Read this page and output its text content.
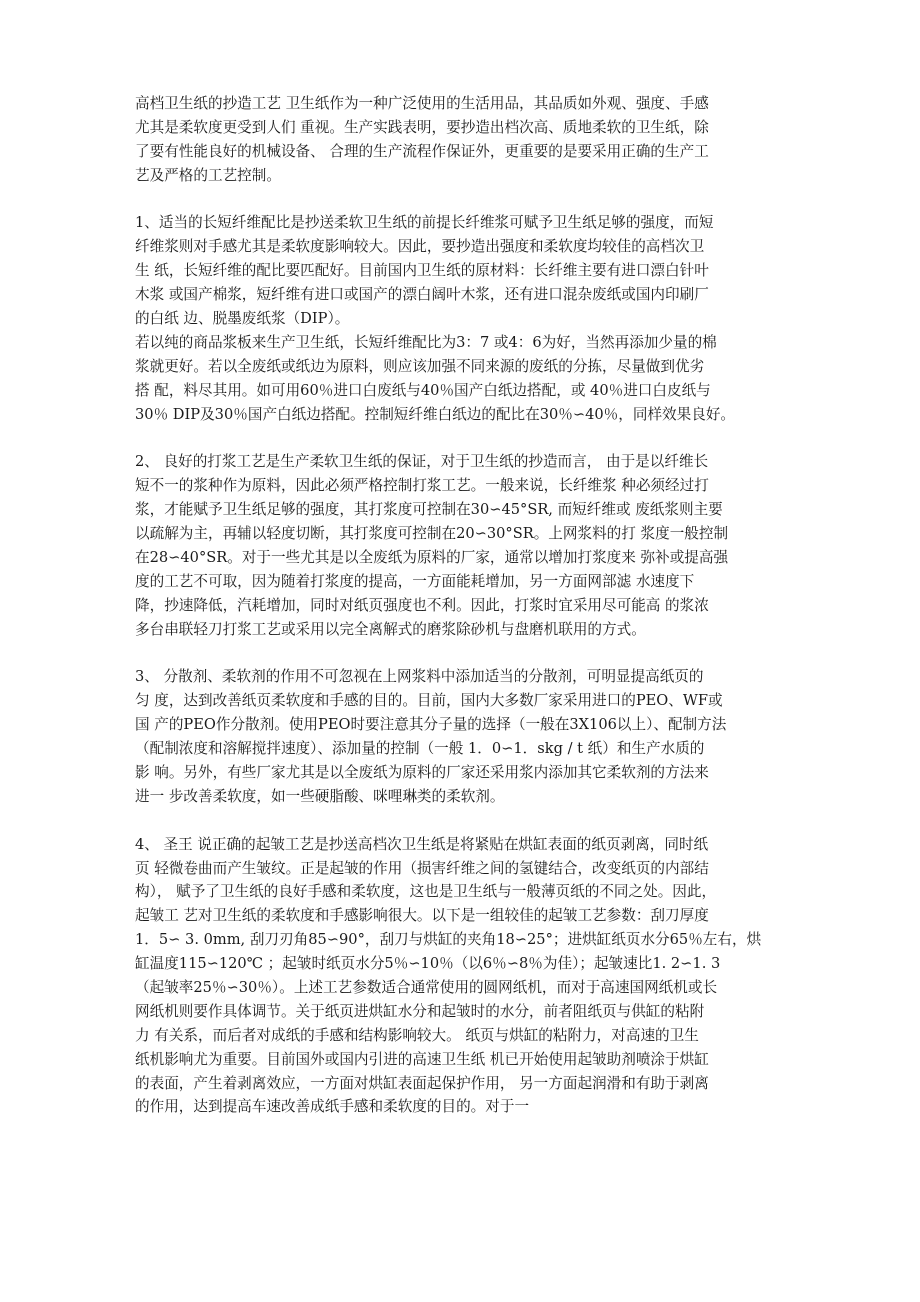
高档卫生纸的抄造工艺 卫生纸作为一种广泛使用的生活用品，其品质如外观、强度、手感
尤其是柔软度更受到人们 重视。生产实践表明，要抄造出档次高、质地柔软的卫生纸，除
了要有性能良好的机械设备、 合理的生产流程作保证外，更重要的是要采用正确的生产工
艺及严格的工艺控制。
1、适当的长短纤维配比是抄送柔软卫生纸的前提长纤维浆可赋予卫生纸足够的强度，而短
纤维浆则对手感尤其是柔软度影响较大。因此，要抄造出强度和柔软度均较佳的高档次卫
生 纸，长短纤维的配比要匹配好。目前国内卫生纸的原材料：长纤维主要有进口漂白针叶
木浆 或国产棉浆，短纤维有进口或国产的漂白阔叶木浆，还有进口混杂废纸或国内印刷厂
的白纸 边、脱墨废纸浆（DIP）。
若以纯的商品浆板来生产卫生纸，长短纤维配比为3：7 或4：6为好，当然再添加少量的棉
浆就更好。若以全废纸或纸边为原料，则应该加强不同来源的废纸的分拣，尽量做到优劣
搭 配，料尽其用。如可用60％进口白废纸与40％国产白纸边搭配，或 40％进口白皮纸与
30％ DIP及30％国产白纸边搭配。控制短纤维白纸边的配比在30％∽40％，同样效果良好。
2、 良好的打浆工艺是生产柔软卫生纸的保证，对于卫生纸的抄造而言， 由于是以纤维长
短不一的浆种作为原料，因此必须严格控制打浆工艺。一般来说，长纤维浆 种必须经过打
浆，才能赋予卫生纸足够的强度，其打浆度可控制在30∽45°SR, 而短纤维或 废纸浆则主要
以疏解为主，再辅以轻度切断，其打浆度可控制在20∽30°SR。上网浆料的打 浆度一般控制
在28∽40°SR。对于一些尤其是以全废纸为原料的厂家，通常以增加打浆度来 弥补或提高强
度的工艺不可取，因为随着打浆度的提高，一方面能耗增加，另一方面网部滤 水速度下
降，抄速降低，汽耗增加，同时对纸页强度也不利。因此，打浆时宜采用尽可能高 的浆浓
多台串联轻刀打浆工艺或采用以完全离解式的磨浆除砂机与盘磨机联用的方式。
3、 分散剂、柔软剂的作用不可忽视在上网浆料中添加适当的分散剂，可明显提高纸页的
匀 度，达到改善纸页柔软度和手感的目的。目前，国内大多数厂家采用进口的PEO、WF或
国 产的PEO作分散剂。使用PEO时要注意其分子量的选择（一般在3X106以上）、配制方法
（配制浓度和溶解搅拌速度）、添加量的控制（一般 1．0∽1．skg / t 纸）和生产水质的
影 响。另外，有些厂家尤其是以全废纸为原料的厂家还采用浆内添加其它柔软剂的方法来
进一 步改善柔软度，如一些硬脂酸、咪哩琳类的柔软剂。
4、 圣王 说正确的起皱工艺是抄送高档次卫生纸是将紧贴在烘缸表面的纸页剥离，同时纸
页 轻微卷曲而产生皱纹。正是起皱的作用（损害纤维之间的氢键结合，改变纸页的内部结
构）， 赋予了卫生纸的良好手感和柔软度，这也是卫生纸与一般薄页纸的不同之处。因此，
起皱工 艺对卫生纸的柔软度和手感影响很大。以下是一组较佳的起皱工艺参数：刮刀厚度
1．5∽ 3. 0mm, 刮刀刃角85∽90°，刮刀与烘缸的夹角18∽25°；进烘缸纸页水分65％左右，烘
缸温度115∽120℃ ；起皱时纸页水分5％∽10％（以6％∽8％为佳）；起皱速比1. 2∽1. 3
（起皱率25％∽30％）。上述工艺参数适合通常使用的圆网纸机，而对于高速国网纸机或长
网纸机则要作具体调节。关于纸页进烘缸水分和起皱时的水分，前者阻纸页与供缸的粘附
力 有关系，而后者对成纸的手感和结构影响较大。 纸页与烘缸的粘附力，对高速的卫生
纸机影响尤为重要。目前国外或国内引进的高速卫生纸 机已开始使用起皱助剂喷涂于烘缸
的表面，产生着剥离效应，一方面对烘缸表面起保护作用， 另一方面起润滑和有助于剥离
的作用，达到提高车速改善成纸手感和柔软度的目的。对于一
